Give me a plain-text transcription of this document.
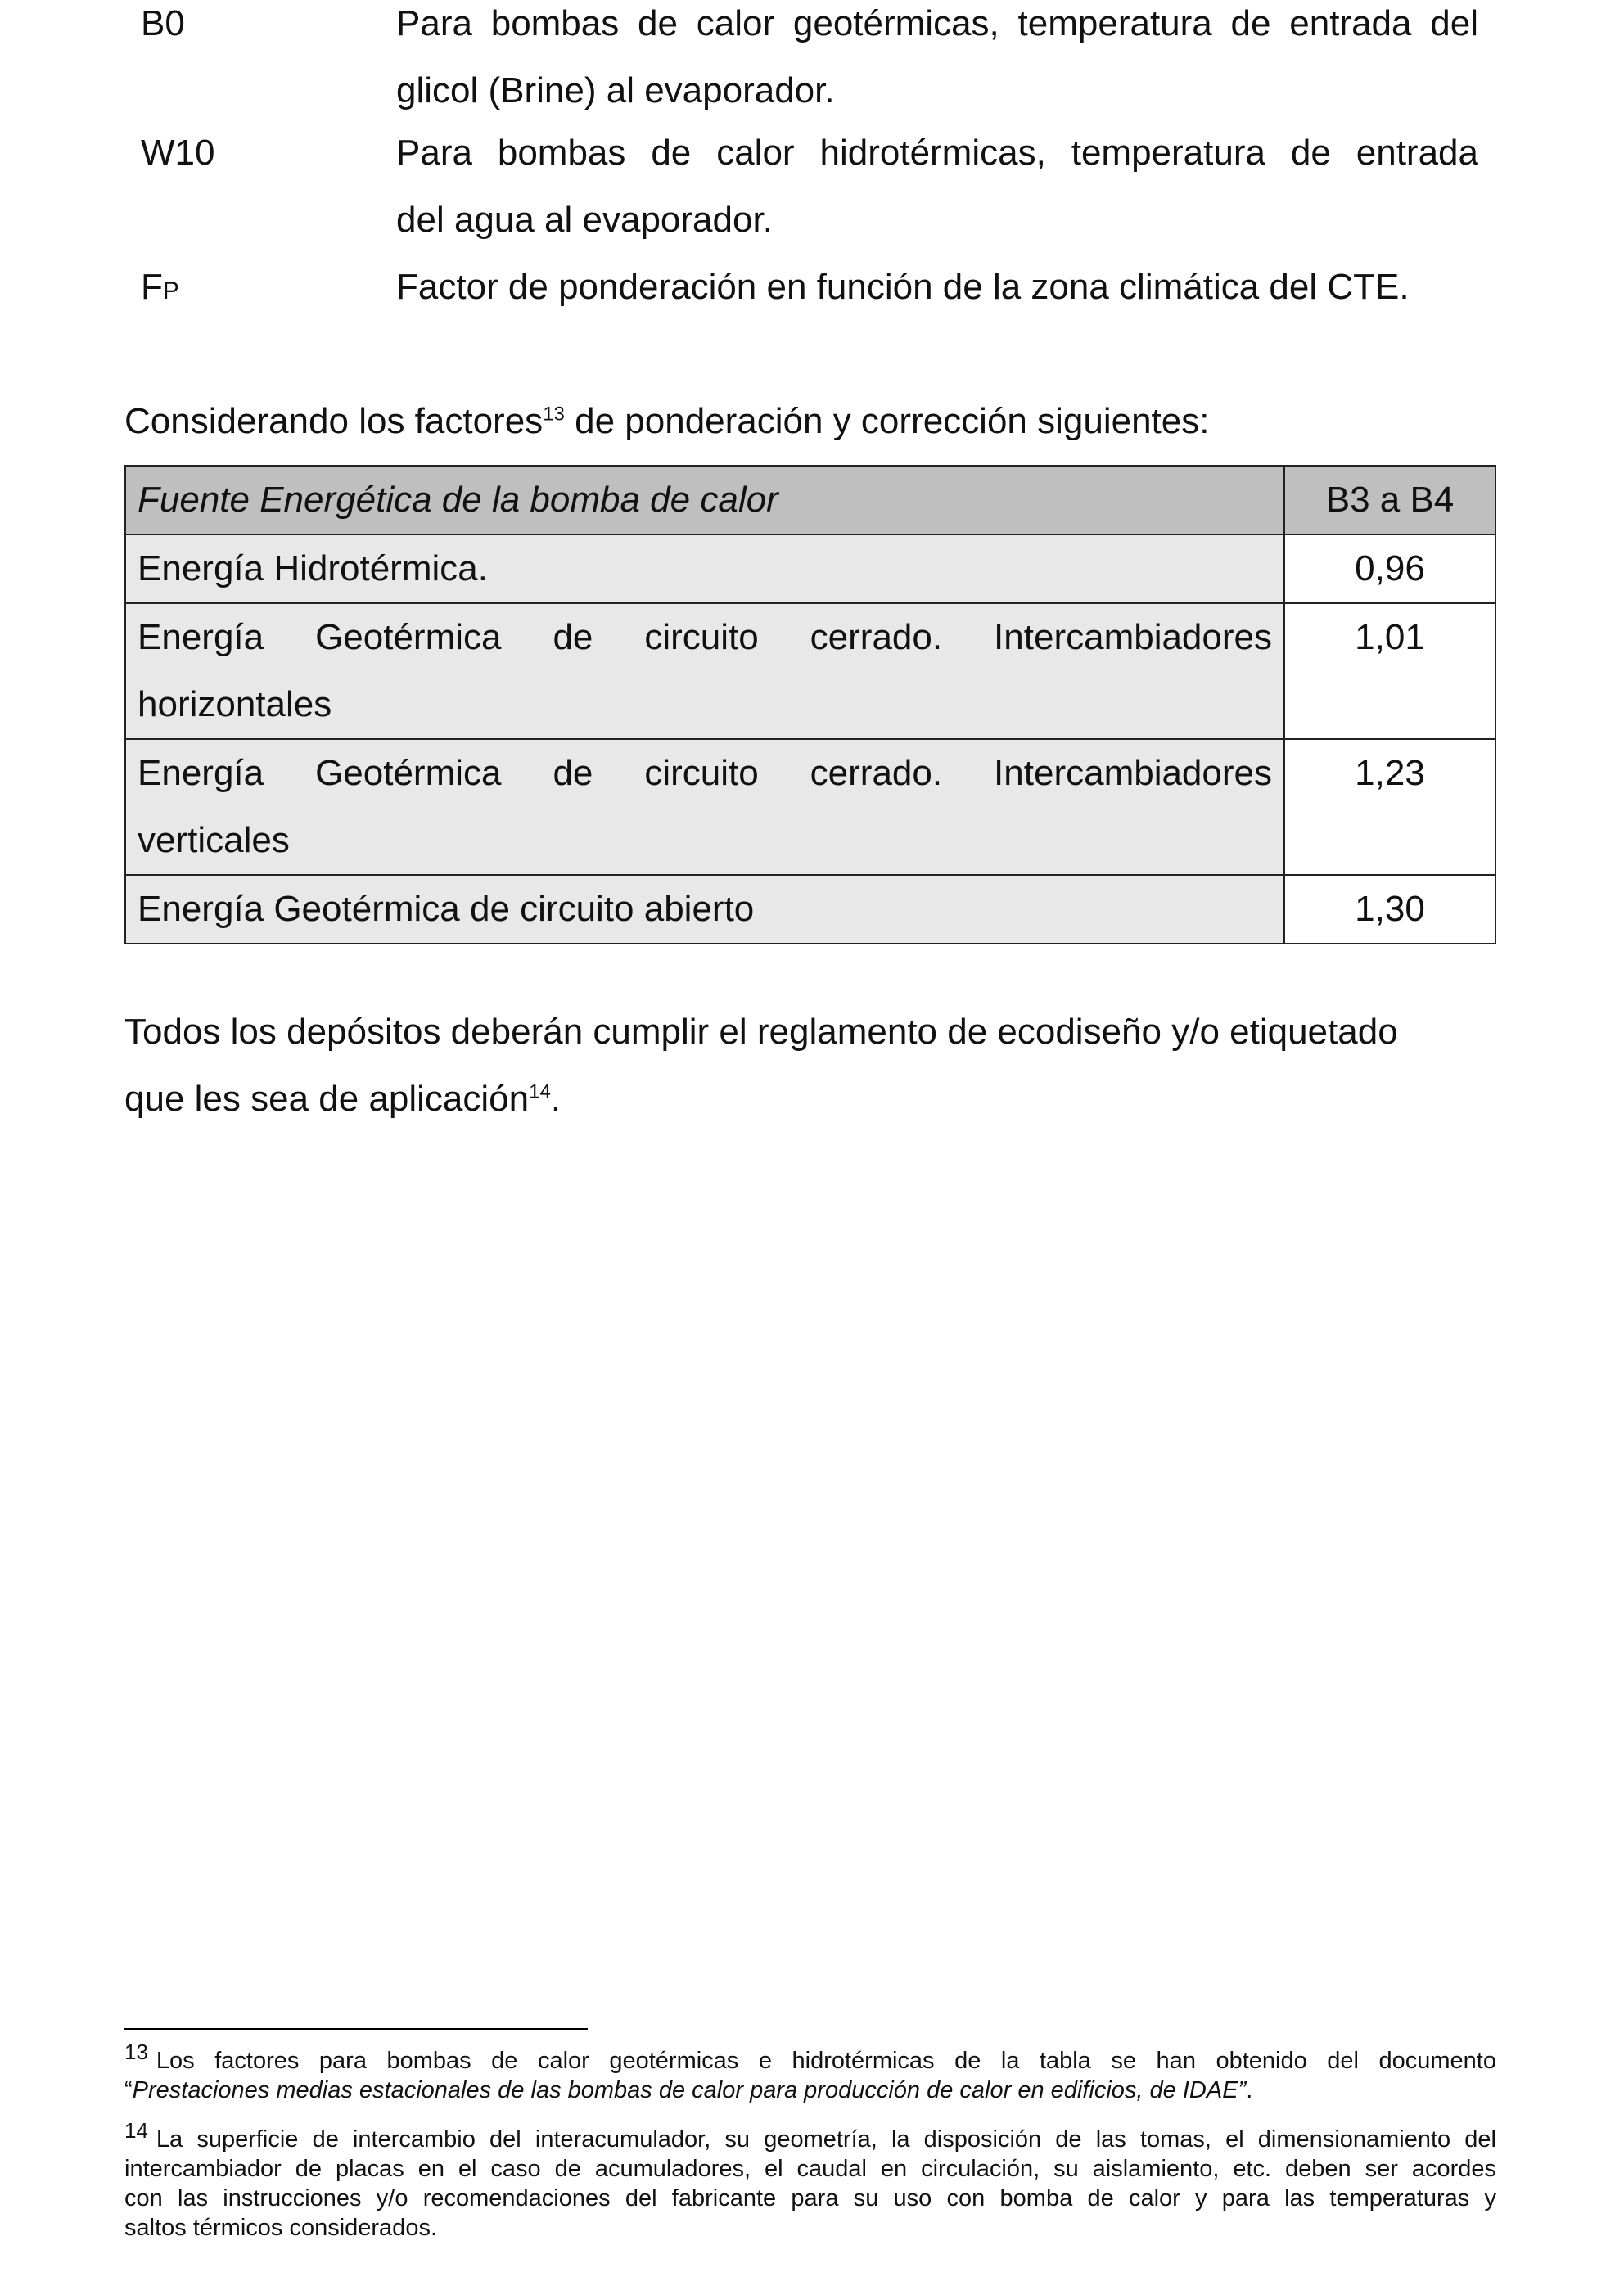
B0	Para bombas de calor geotérmicas, temperatura de entrada del
glicol (Brine) al evaporador.
W10	Para bombas de calor hidrotérmicas, temperatura de entrada
del agua al evaporador.
FP	Factor de ponderación en función de la zona climática del CTE.
Considerando los factores$^{13}$ de ponderación y corrección siguientes:
Fuente Energética de la bomba de calor	B3 a B4

Energía Hidrotérmica.	0,96

Energía Geotérmica de circuito cerrado. Intercambiadores
horizontales	1,01

Energía Geotérmica de circuito cerrado. Intercambiadores
verticales	1,23

Energía Geotérmica de circuito abierto	1,30
Todos los depósitos deberán cumplir el reglamento de ecodiseño y/o etiquetado
que les sea de aplicación$^{14}$.
13 Los factores para bombas de calor geotérmicas e hidrotérmicas de la tabla se han obtenido del documento
“Prestaciones medias estacionales de las bombas de calor para producción de calor en edificios, de IDAE”.
14 La superficie de intercambio del interacumulador, su geometría, la disposición de las tomas, el dimensionamiento del
intercambiador de placas en el caso de acumuladores, el caudal en circulación, su aislamiento, etc. deben ser acordes
con las instrucciones y/o recomendaciones del fabricante para su uso con bomba de calor y para las temperaturas y
saltos térmicos considerados.
